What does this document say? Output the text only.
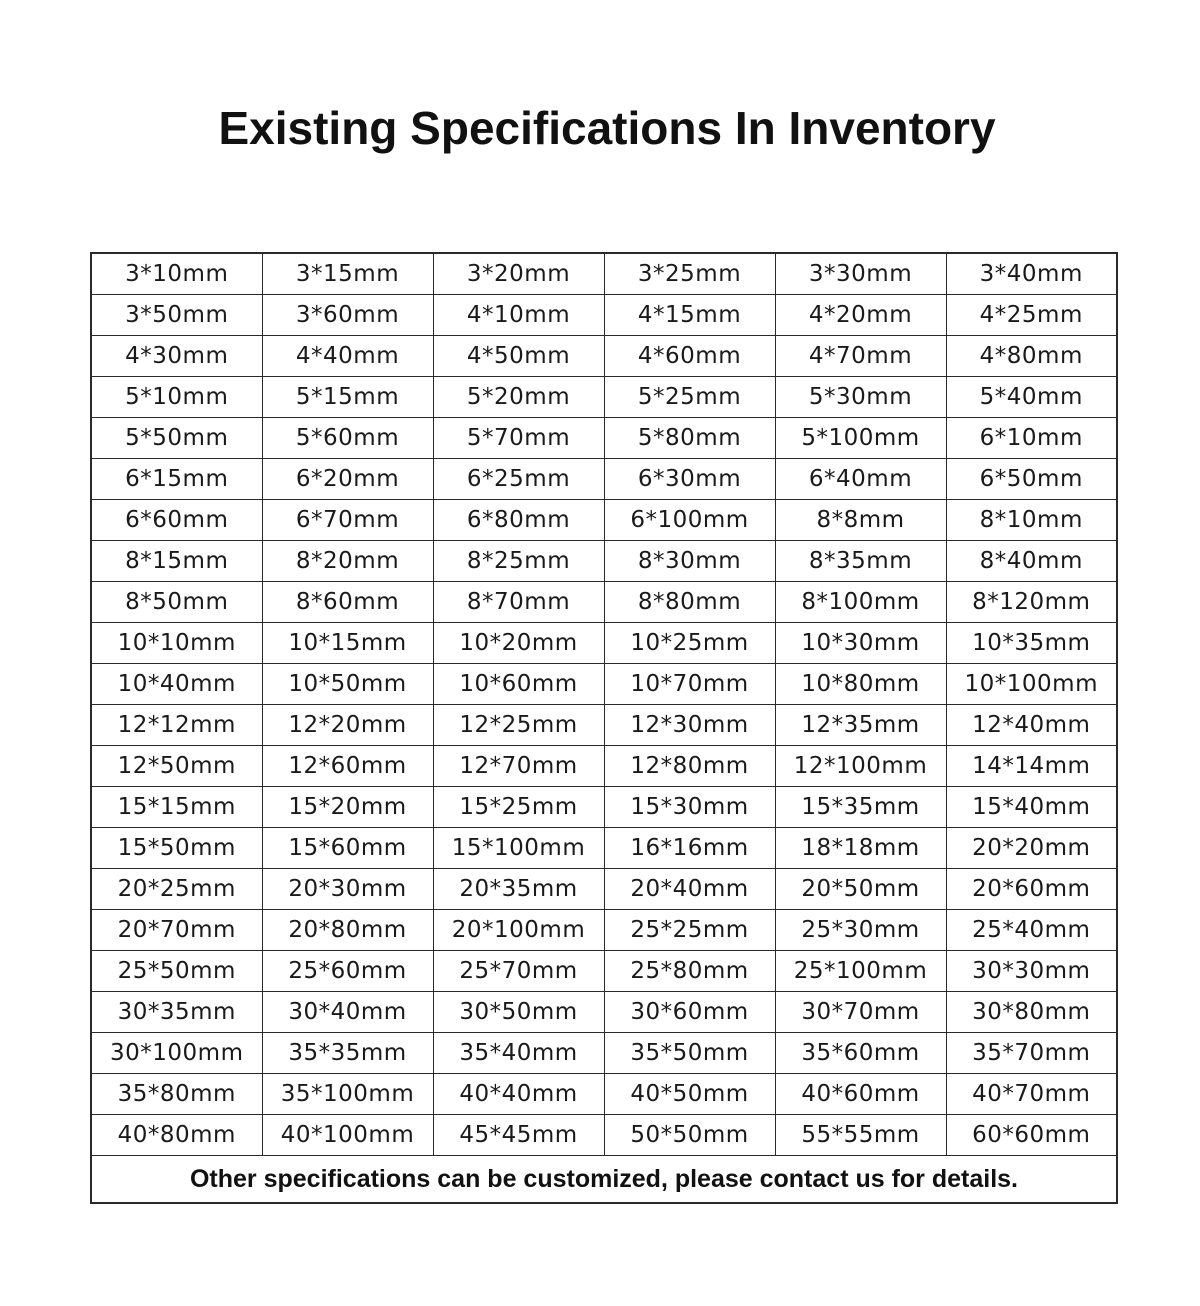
Existing Specifications In Inventory
3*10mm	3*15mm	3*20mm	3*25mm	3*30mm	3*40mm
3*50mm	3*60mm	4*10mm	4*15mm	4*20mm	4*25mm
4*30mm	4*40mm	4*50mm	4*60mm	4*70mm	4*80mm
5*10mm	5*15mm	5*20mm	5*25mm	5*30mm	5*40mm
5*50mm	5*60mm	5*70mm	5*80mm	5*100mm	6*10mm
6*15mm	6*20mm	6*25mm	6*30mm	6*40mm	6*50mm
6*60mm	6*70mm	6*80mm	6*100mm	8*8mm	8*10mm
8*15mm	8*20mm	8*25mm	8*30mm	8*35mm	8*40mm
8*50mm	8*60mm	8*70mm	8*80mm	8*100mm	8*120mm
10*10mm	10*15mm	10*20mm	10*25mm	10*30mm	10*35mm
10*40mm	10*50mm	10*60mm	10*70mm	10*80mm	10*100mm
12*12mm	12*20mm	12*25mm	12*30mm	12*35mm	12*40mm
12*50mm	12*60mm	12*70mm	12*80mm	12*100mm	14*14mm
15*15mm	15*20mm	15*25mm	15*30mm	15*35mm	15*40mm
15*50mm	15*60mm	15*100mm	16*16mm	18*18mm	20*20mm
20*25mm	20*30mm	20*35mm	20*40mm	20*50mm	20*60mm
20*70mm	20*80mm	20*100mm	25*25mm	25*30mm	25*40mm
25*50mm	25*60mm	25*70mm	25*80mm	25*100mm	30*30mm
30*35mm	30*40mm	30*50mm	30*60mm	30*70mm	30*80mm
30*100mm	35*35mm	35*40mm	35*50mm	35*60mm	35*70mm
35*80mm	35*100mm	40*40mm	40*50mm	40*60mm	40*70mm
40*80mm	40*100mm	45*45mm	50*50mm	55*55mm	60*60mm
Other specifications can be customized, please contact us for details.					
